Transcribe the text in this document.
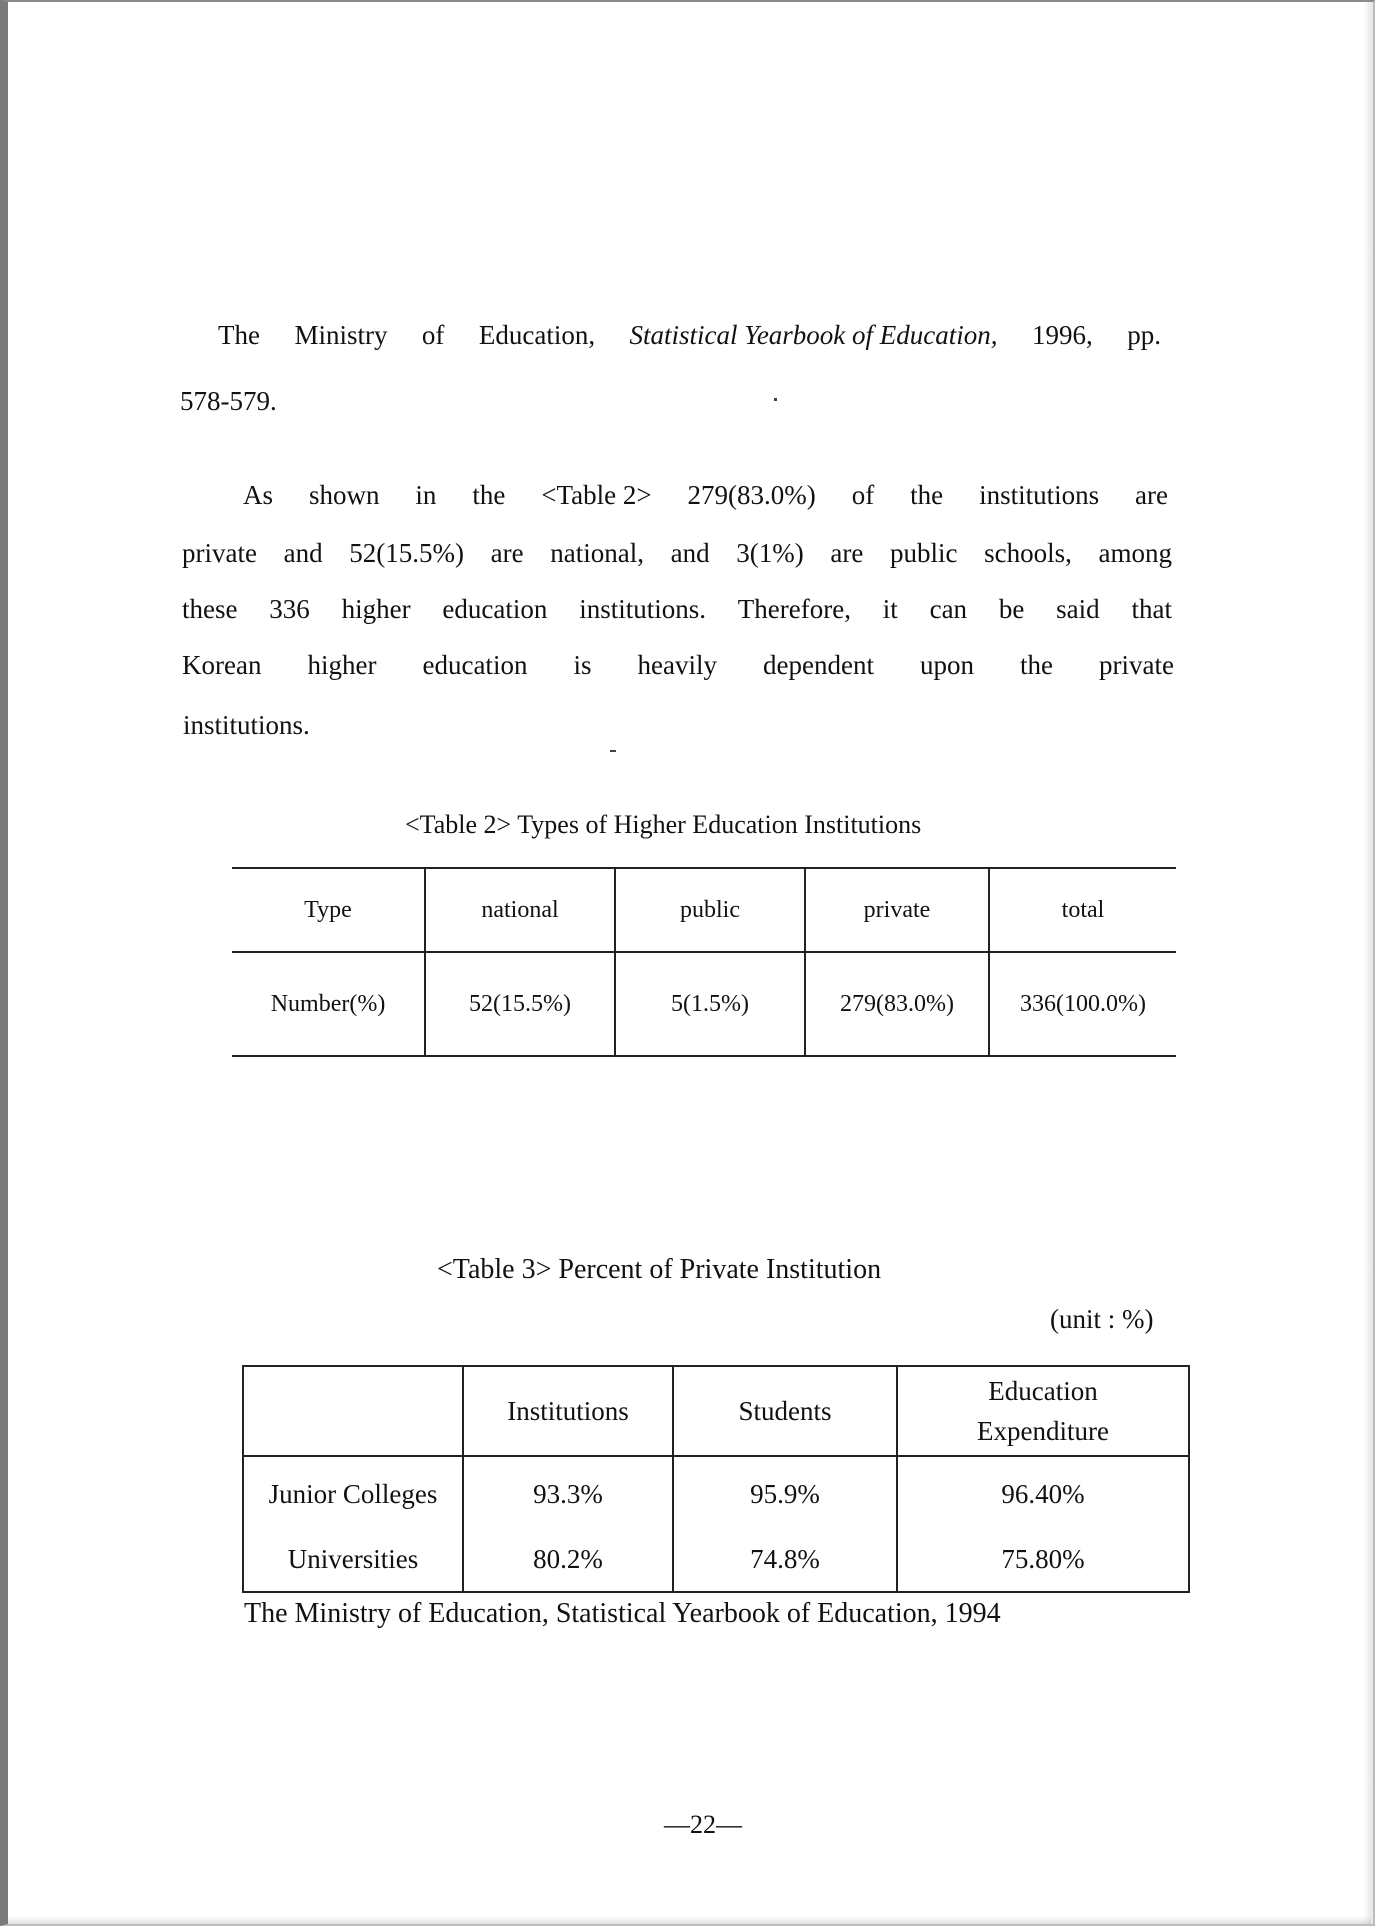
The Ministry of Education, Statistical Yearbook of Education, 1996, pp.
578-579.
As shown in the <Table 2> 279(83.0%) of the institutions are
private and 52(15.5%) are national, and 3(1%) are public schools, among
these 336 higher education institutions. Therefore, it can be said that
Korean higher education is heavily dependent upon the private
institutions.
<Table 2> Types of Higher Education Institutions
Type	national	public	private	total
Number(%)	52(15.5%)	5(1.5%)	279(83.0%)	336(100.0%)
<Table 3> Percent of Private Institution
(unit : %)
	Institutions	Students	Education
Expenditure

Junior Colleges	93.3%	95.9%	96.40%
Universities	80.2%	74.8%	75.80%
The Ministry of Education, Statistical Yearbook of Education, 1994
—22—
